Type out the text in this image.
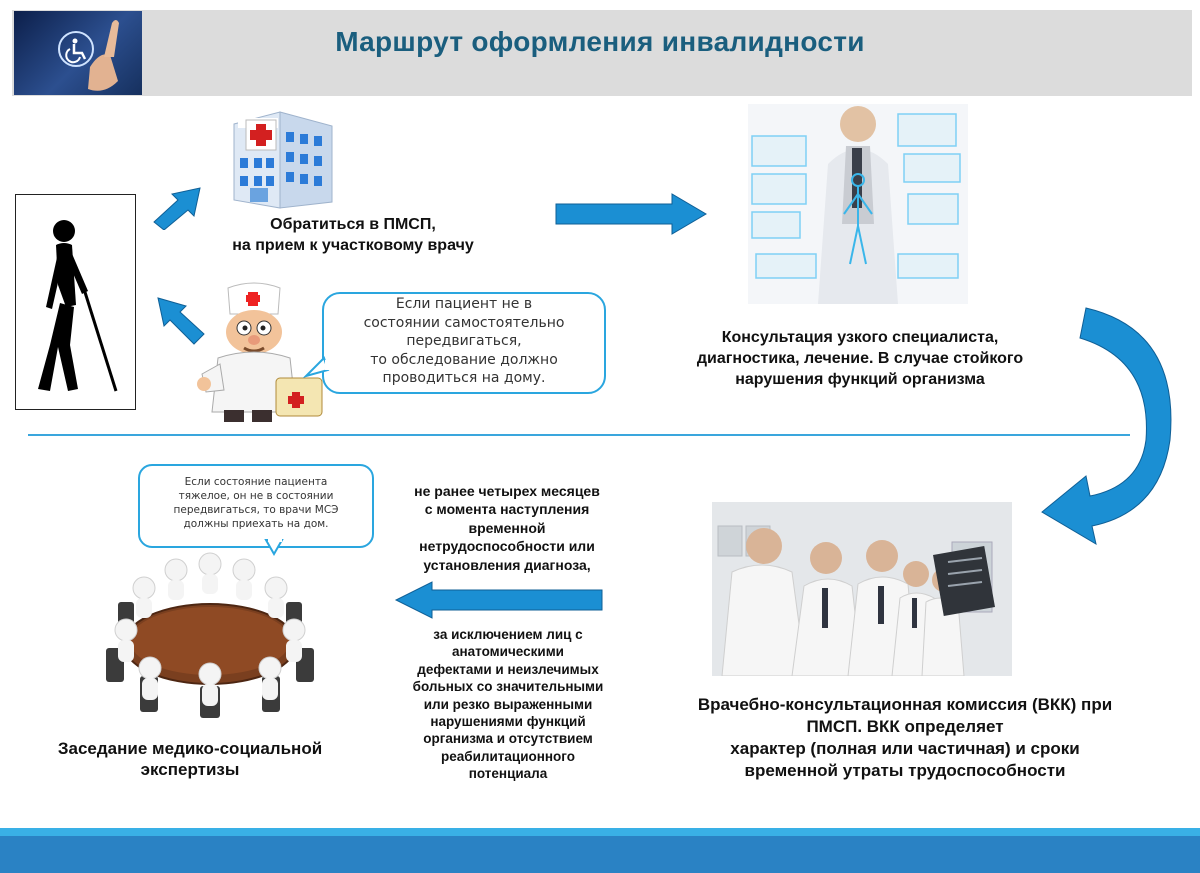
Маршрут оформления инвалидности
Обратиться в ПМСП,
на прием к участковому врачу
Консультация узкого специалиста,
диагностика, лечение. В случае стойкого
нарушения функций организма
Если пациент не в
состоянии самостоятельно
передвигаться,
то обследование должно
проводиться на дому.
Если состояние пациента
тяжелое, он не в состоянии
передвигаться, то врачи МСЭ
должны приехать на дом.
Заседание медико-социальной
экспертизы
не ранее четырех месяцев
с момента наступления
временной
нетрудоспособности или
установления диагноза,
за исключением лиц с
анатомическими
дефектами и неизлечимых
больных со значительными
или резко выраженными
нарушениями функций
организма и отсутствием
реабилитационного
потенциала
Врачебно-консультационная комиссия (ВКК) при
ПМСП. ВКК определяет
характер (полная или частичная) и сроки
временной утраты трудоспособности
